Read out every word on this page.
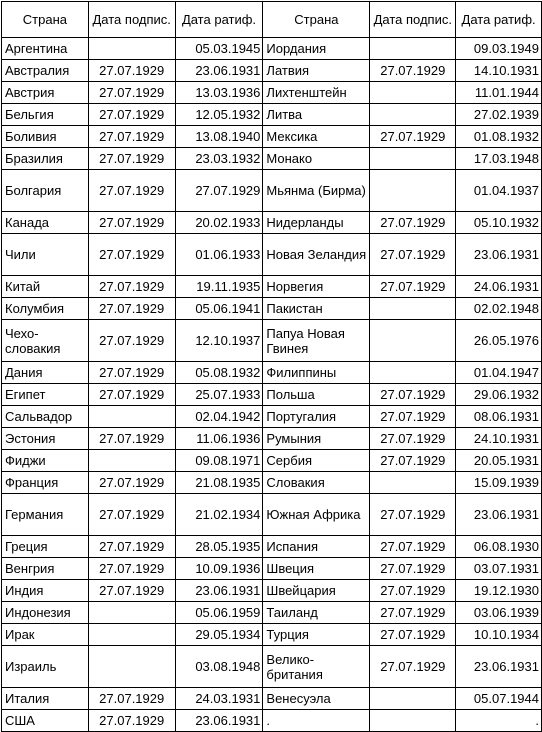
Страна	Дата подпис.	Дата ратиф.	Страна	Дата подпис.	Дата ратиф.
Аргентина		05.03.1945	Иордания		09.03.1949
Австралия	27.07.1929	23.06.1931	Латвия	27.07.1929	14.10.1931
Австрия	27.07.1929	13.03.1936	Лихтенштейн		11.01.1944
Бельгия	27.07.1929	12.05.1932	Литва		27.02.1939
Боливия	27.07.1929	13.08.1940	Мексика	27.07.1929	01.08.1932
Бразилия	27.07.1929	23.03.1932	Монако		17.03.1948
Болгария	27.07.1929	27.07.1929	Мьянма (Бирма)		01.04.1937
Канада	27.07.1929	20.02.1933	Нидерланды	27.07.1929	05.10.1932
Чили	27.07.1929	01.06.1933	Новая Зеландия	27.07.1929	23.06.1931
Китай	27.07.1929	19.11.1935	Норвегия	27.07.1929	24.06.1931
Колумбия	27.07.1929	05.06.1941	Пакистан		02.02.1948
Чехо-словакия	27.07.1929	12.10.1937	Папуа Новая Гвинея		26.05.1976
Дания	27.07.1929	05.08.1932	Филиппины		01.04.1947
Египет	27.07.1929	25.07.1933	Польша	27.07.1929	29.06.1932
Сальвадор		02.04.1942	Португалия	27.07.1929	08.06.1931
Эстония	27.07.1929	11.06.1936	Румыния	27.07.1929	24.10.1931
Фиджи		09.08.1971	Сербия	27.07.1929	20.05.1931
Франция	27.07.1929	21.08.1935	Словакия		15.09.1939
Германия	27.07.1929	21.02.1934	Южная Африка	27.07.1929	23.06.1931
Греция	27.07.1929	28.05.1935	Испания	27.07.1929	06.08.1930
Венгрия	27.07.1929	10.09.1936	Швеция	27.07.1929	03.07.1931
Индия	27.07.1929	23.06.1931	Швейцария	27.07.1929	19.12.1930
Индонезия		05.06.1959	Таиланд	27.07.1929	03.06.1939
Ирак		29.05.1934	Турция	27.07.1929	10.10.1934
Израиль		03.08.1948	Велико-британия	27.07.1929	23.06.1931
Италия	27.07.1929	24.03.1931	Венесуэла		05.07.1944
США	27.07.1929	23.06.1931	.		.
